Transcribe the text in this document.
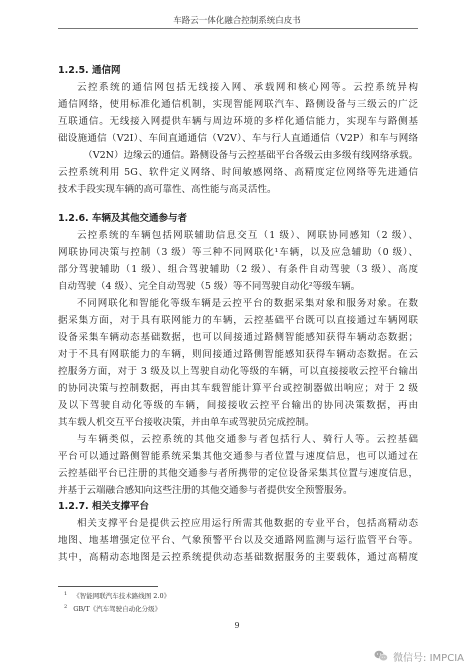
车路云一体化融合控制系统白皮书
1.2.5. 通信网
云控系统的通信网包括无线接入网、承载网和核心网等。云控系统异构
通信网络，使用标准化通信机制，实现智能网联汽车、路侧设备与三级云的广泛
互联通信。无线接入网提供车辆与周边环境的多样化通信能力，实现车与路侧基
础设施通信（V2I）、车间直通通信（V2V）、车与行人直通通信（V2P）和车与网络
（V2N）边缘云的通信。路侧设备与云控基础平台各级云由多级有线网络承载。
云控系统利用 5G、软件定义网络、时间敏感网络、高精度定位网络等先进通信
技术手段实现车辆的高可靠性、高性能与高灵活性。
1.2.6. 车辆及其他交通参与者
云控系统的车辆包括网联辅助信息交互（1 级）、网联协同感知（2 级）、
网联协同决策与控制（3 级）等三种不同网联化¹车辆，以及应急辅助（0 级）、
部分驾驶辅助（1 级）、组合驾驶辅助（2 级）、有条件自动驾驶（3 级）、高度
自动驾驶（4 级）、完全自动驾驶（5 级）等不同驾驶自动化²等级车辆。
不同网联化和智能化等级车辆是云控平台的数据采集对象和服务对象。在数
据采集方面，对于具有联网能力的车辆，云控基础平台既可以直接通过车辆网联
设备采集车辆动态基础数据，也可以间接通过路侧智能感知获得车辆动态数据；
对于不具有网联能力的车辆，则间接通过路侧智能感知获得车辆动态数据。在云
控服务方面，对于 3 级及以上驾驶自动化等级的车辆，可以直接接收云控平台输出
的协同决策与控制数据，再由其车载智能计算平台或控制器做出响应；对于 2 级
及以下驾驶自动化等级的车辆，间接接收云控平台输出的协同决策数据，再由
其车载人机交互平台接收决策，并由单车或驾驶员完成控制。
与车辆类似，云控系统的其他交通参与者包括行人、骑行人等。云控基础
平台可以通过路侧智能系统采集其他交通参与者位置与速度信息，也可以通过在
云控基础平台已注册的其他交通参与者所携带的定位设备采集其位置与速度信息，
并基于云端融合感知向这些注册的其他交通参与者提供安全预警服务。
1.2.7. 相关支撑平台
相关支撑平台是提供云控应用运行所需其他数据的专业平台，包括高精动态
地图、地基增强定位平台、气象预警平台以及交通路网监测与运行监管平台等。
其中，高精动态地图是云控系统提供动态基础数据服务的主要载体，通过高精度
$^1$ 《智能网联汽车技术路线图 2.0》
$^2$ GB/T《汽车驾驶自动化分级》
9
微信号: IMPCIA
